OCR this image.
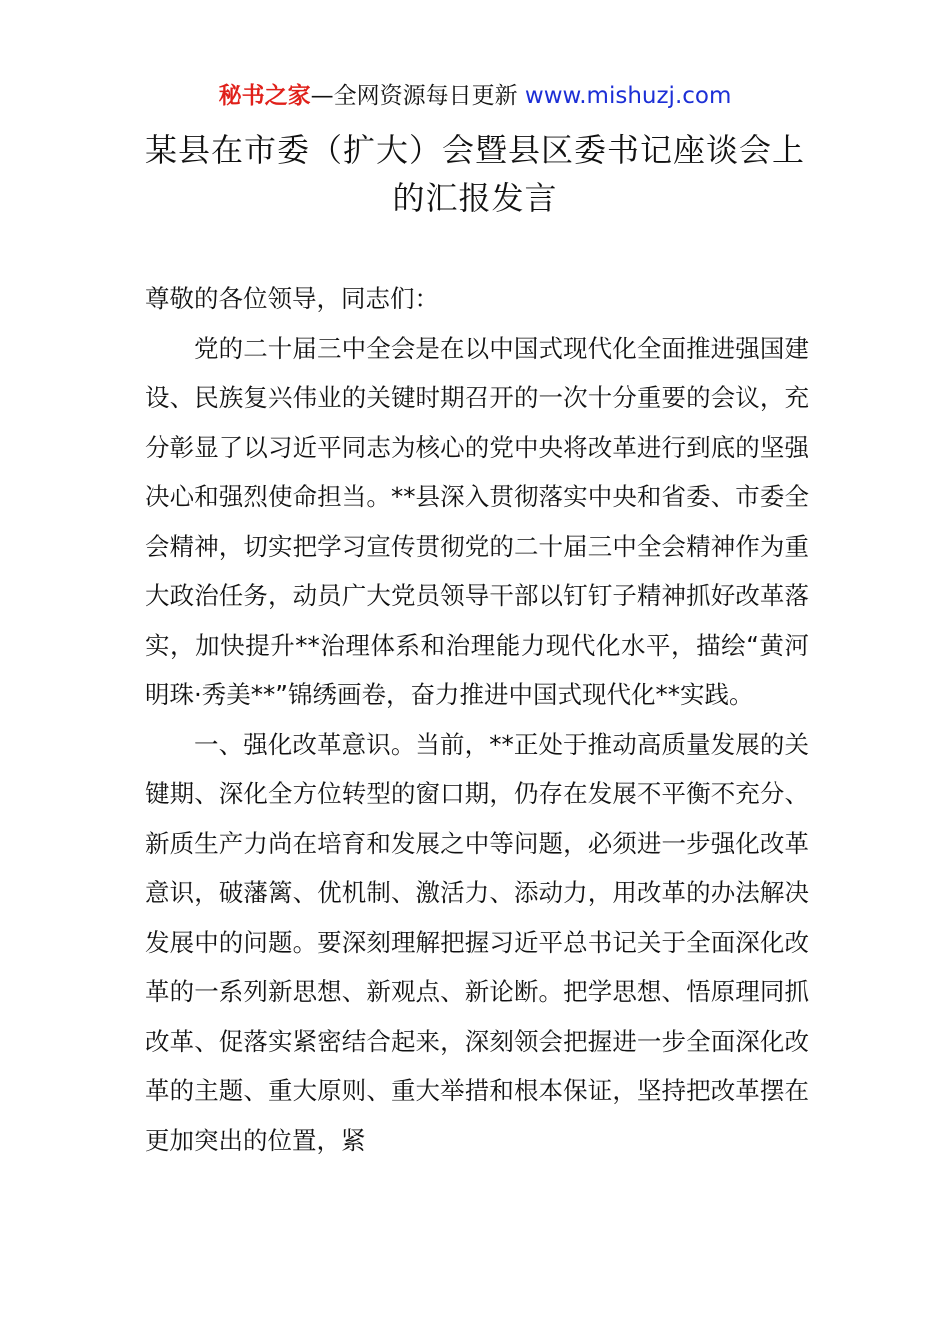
秘书之家—全网资源每日更新 www.mishuzj.com
某县在市委（扩大）会暨县区委书记座谈会上的汇报发言

尊敬的各位领导，同志们：

党的二十届三中全会是在以中国式现代化全面推进强国建设、民族复兴伟业的关键时期召开的一次十分重要的会议，充分彰显了以习近平同志为核心的党中央将改革进行到底的坚强决心和强烈使命担当。**县深入贯彻落实中央和省委、市委全会精神，切实把学习宣传贯彻党的二十届三中全会精神作为重大政治任务，动员广大党员领导干部以钉钉子精神抓好改革落实，加快提升**治理体系和治理能力现代化水平，描绘“黄河明珠·秀美**”锦绣画卷，奋力推进中国式现代化**实践。

一、强化改革意识。当前，**正处于推动高质量发展的关键期、深化全方位转型的窗口期，仍存在发展不平衡不充分、新质生产力尚在培育和发展之中等问题，必须进一步强化改革意识，破藩篱、优机制、激活力、添动力，用改革的办法解决发展中的问题。要深刻理解把握习近平总书记关于全面深化改革的一系列新思想、新观点、新论断。把学思想、悟原理同抓改革、促落实紧密结合起来，深刻领会把握进一步全面深化改革的主题、重大原则、重大举措和根本保证，坚持把改革摆在更加突出的位置，紧
